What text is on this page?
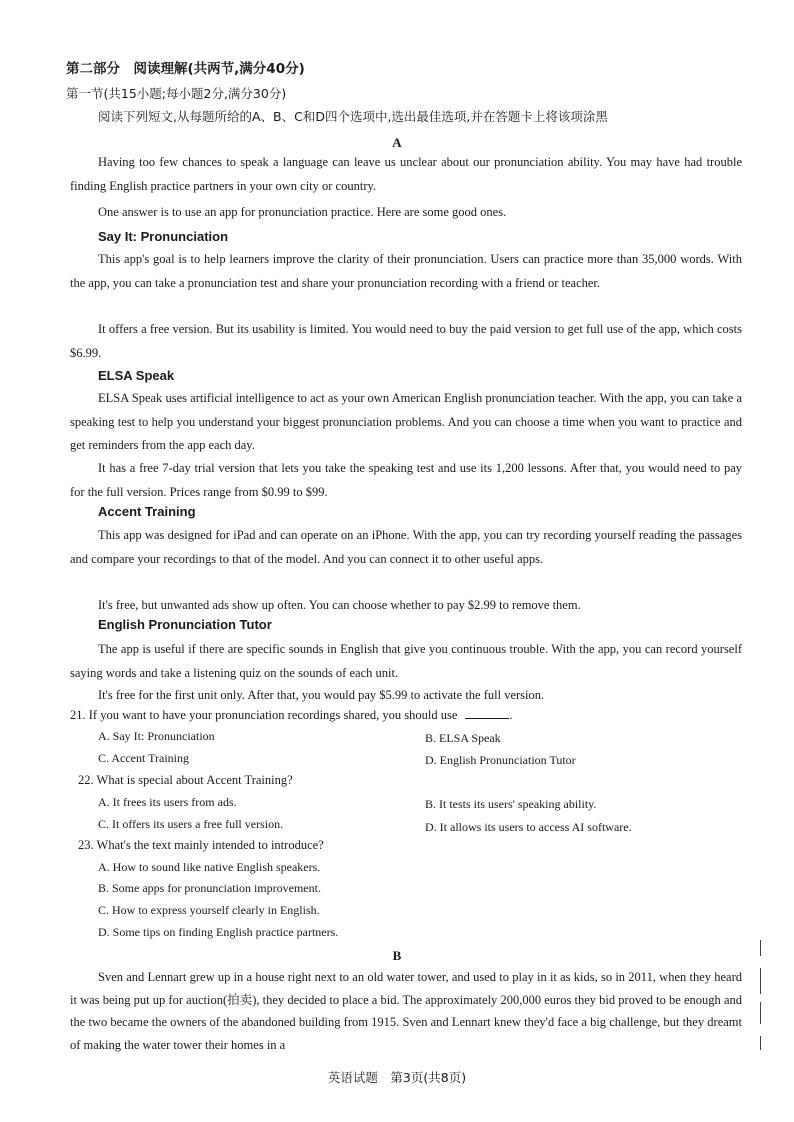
第二部分　阅读理解(共两节,满分40分)
第一节(共15小题;每小题2分,满分30分)
阅读下列短文,从每题所给的A、B、C和D四个选项中,选出最佳选项,并在答题卡上将该项涂黑
A
Having too few chances to speak a language can leave us unclear about our pronunciation ability. You may have had trouble finding English practice partners in your own city or country.
One answer is to use an app for pronunciation practice. Here are some good ones.
Say It: Pronunciation
This app's goal is to help learners improve the clarity of their pronunciation. Users can practice more than 35,000 words. With the app, you can take a pronunciation test and share your pronunciation recording with a friend or teacher.
It offers a free version. But its usability is limited. You would need to buy the paid version to get full use of the app, which costs $6.99.
ELSA Speak
ELSA Speak uses artificial intelligence to act as your own American English pronunciation teacher. With the app, you can take a speaking test to help you understand your biggest pronunciation problems. And you can choose a time when you want to practice and get reminders from the app each day.
It has a free 7-day trial version that lets you take the speaking test and use its 1,200 lessons. After that, you would need to pay for the full version. Prices range from $0.99 to $99.
Accent Training
This app was designed for iPad and can operate on an iPhone. With the app, you can try recording yourself reading the passages and compare your recordings to that of the model. And you can connect it to other useful apps.
It's free, but unwanted ads show up often. You can choose whether to pay $2.99 to remove them.
English Pronunciation Tutor
The app is useful if there are specific sounds in English that give you continuous trouble. With the app, you can record yourself saying words and take a listening quiz on the sounds of each unit.
It's free for the first unit only. After that, you would pay $5.99 to activate the full version.
21. If you want to have your pronunciation recordings shared, you should use	.
A. Say It: Pronunciation	B. ELSA Speak
C. Accent Training	D. English Pronunciation Tutor
22. What is special about Accent Training?
A. It frees its users from ads.	B. It tests its users' speaking ability.
C. It offers its users a free full version.	D. It allows its users to access AI software.
23. What's the text mainly intended to introduce?
A. How to sound like native English speakers.
B. Some apps for pronunciation improvement.
C. How to express yourself clearly in English.
D. Some tips on finding English practice partners.
B
Sven and Lennart grew up in a house right next to an old water tower, and used to play in it as kids, so in 2011, when they heard it was being put up for auction(拍卖), they decided to place a bid. The approximately 200,000 euros they bid proved to be enough and the two became the owners of the abandoned building from 1915. Sven and Lennart knew they'd face a big challenge, but they dreamt of making the water tower their homes in a
英语试题　第3页(共8页)
